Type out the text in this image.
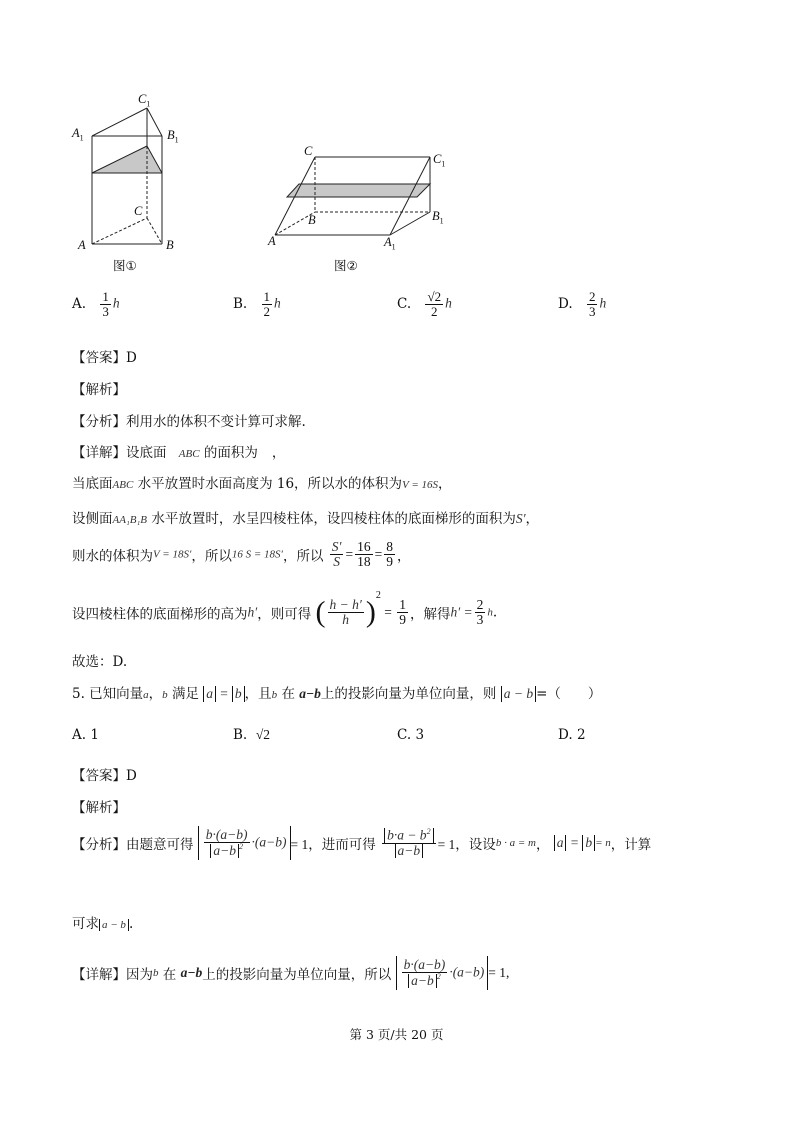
$C_1$
$A_1$	$B_1$
C
A	B
图①
C
$C_1$
B	$B_1$
A	$A_1$
图②
A. $\frac{1}{3}$ h	B. $\frac{1}{2}$ h	C. $\frac{√2}{2}$ h	D. $\frac{2}{3}$ h
【答案】D
【解析】
【分析】利用水的体积不变计算可求解.
【详解】设底面 ABC 的面积为 ，
当底面ABC 水平放置时水面高度为 16，所以水的体积为V = 16S，
设侧面AA₁B₁B 水平放置时，水呈四棱柱体，设四棱柱体的底面梯形的面积为S′，
则水的体积为V = 18S′，所以16 S = 18S′，所以 $\frac{S'}{S} = \frac{16}{18} = \frac{8}{9}$ ，
设四棱柱体的底面梯形的高为h′，则可得 ( $\frac{h - h'}{h} )^2 = \frac{1}{9}$ ，解得$h' = \frac{2}{3} h$.
故选：D.
5. 已知向量a，b 满足 a = b ，且b 在 a−b上的投影向量为单位向量，则 a − b =（　　）
A. 1	B. √2	C. 3	D. 2
【答案】D
【解析】
【分析】由题意可得 $\frac{b\cdot(a-b)}{a-b ^2} \cdot(a-b) = 1$，进而可得 $\frac{b\cdot a - b^2}{a-b} = 1$，设设b · a = m， a = b = n，计算
可求 a − b .
【详解】因为b 在 a−b上的投影向量为单位向量，所以 $\frac{b\cdot(a-b)}{a-b ^2} \cdot(a-b) = 1$,
第 3 页/共 20 页
